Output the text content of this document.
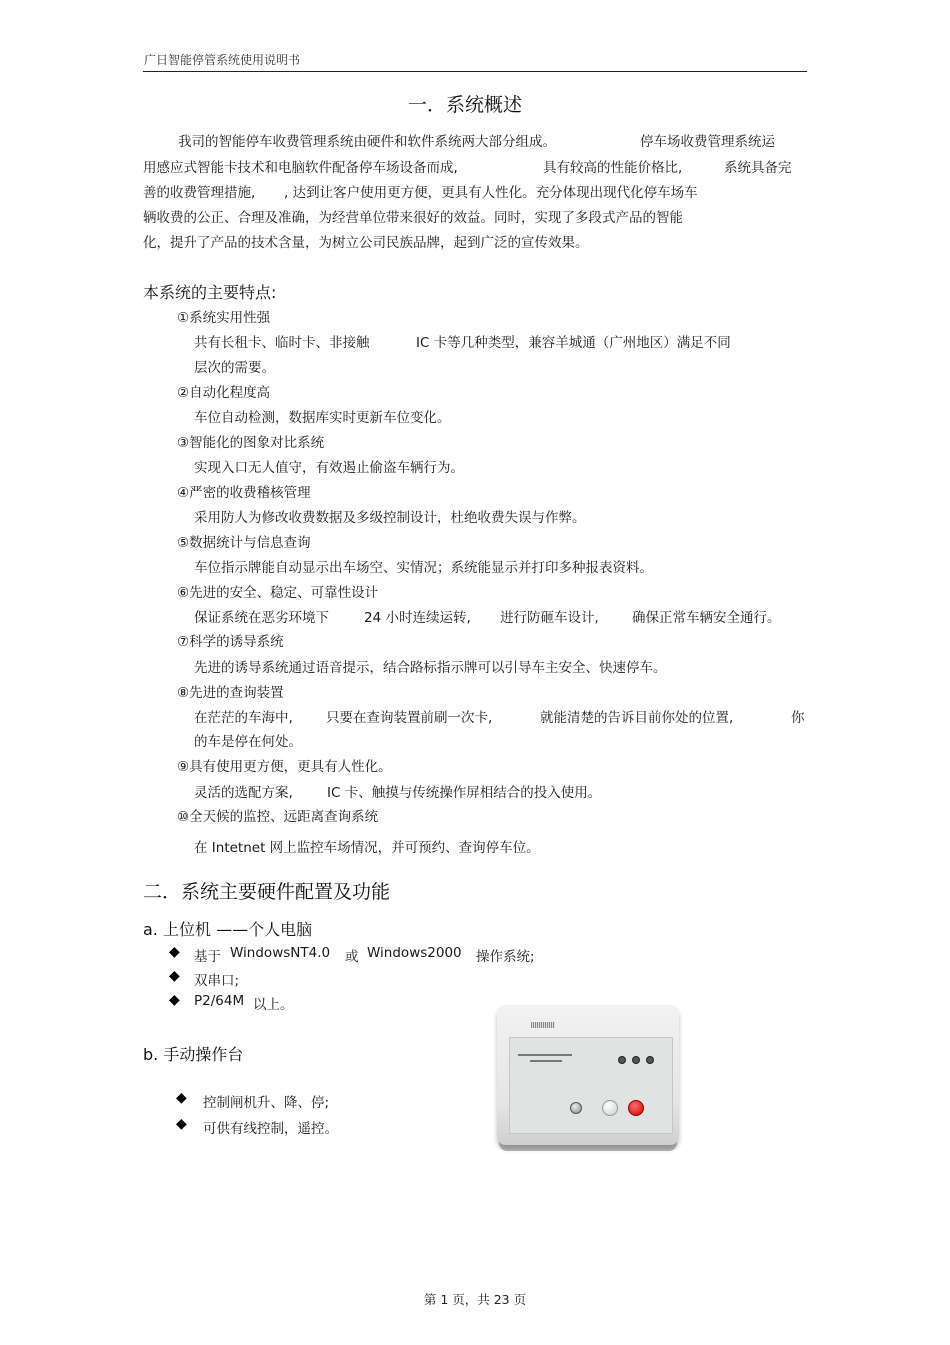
广日智能停管系统使用说明书
一．系统概述
我司的智能停车收费管理系统由硬件和软件系统两大部分组成。	停车场收费管理系统运
用感应式智能卡技术和电脑软件配备停车场设备而成,	具有较高的性能价格比,	系统具备完
善的收费管理措施, , 达到让客户使用更方便，更具有人性化。充分体现出现代化停车场车
辆收费的公正、合理及准确，为经营单位带来很好的效益。同时，实现了多段式产品的智能
化，提升了产品的技术含量，为树立公司民族品牌，起到广泛的宣传效果。
本系统的主要特点:
①系统实用性强
共有长租卡、临时卡、非接触	IC 卡等几种类型，兼容羊城通（广州地区）满足不同
层次的需要。
②自动化程度高
车位自动检测，数据库实时更新车位变化。
③智能化的图象对比系统
实现入口无人值守，有效遏止偷盗车辆行为。
④严密的收费稽核管理
采用防人为修改收费数据及多级控制设计，杜绝收费失误与作弊。
⑤数据统计与信息查询
车位指示牌能自动显示出车场空、实情况；系统能显示并打印多种报表资料。
⑥先进的安全、稳定、可靠性设计
保证系统在恶劣环境下	24 小时连续运转, 进行防砸车设计, 确保正常车辆安全通行。
⑦科学的诱导系统
先进的诱导系统通过语音提示，结合路标指示牌可以引导车主安全、快速停车。
⑧先进的查询装置
在茫茫的车海中, 只要在查询装置前刷一次卡,	就能清楚的告诉目前你处的位置,	你
的车是停在何处。
⑨具有使用更方便，更具有人性化。
灵活的选配方案,	IC 卡、触摸与传统操作屏相结合的投入使用。
⑩全天候的监控、远距离查询系统
在 Intetnet 网上监控车场情况，并可预约、查询停车位。
二．系统主要硬件配置及功能
a. 上位机 ——个人电脑
◆ 基于 WindowsNT4.0 或 Windows2000 操作系统;
◆ 双串口;
◆ P2/64M 以上。
b. 手动操作台
◆ 控制闸机升、降、停;
◆ 可供有线控制，遥控。
第 1 页，共 23 页
